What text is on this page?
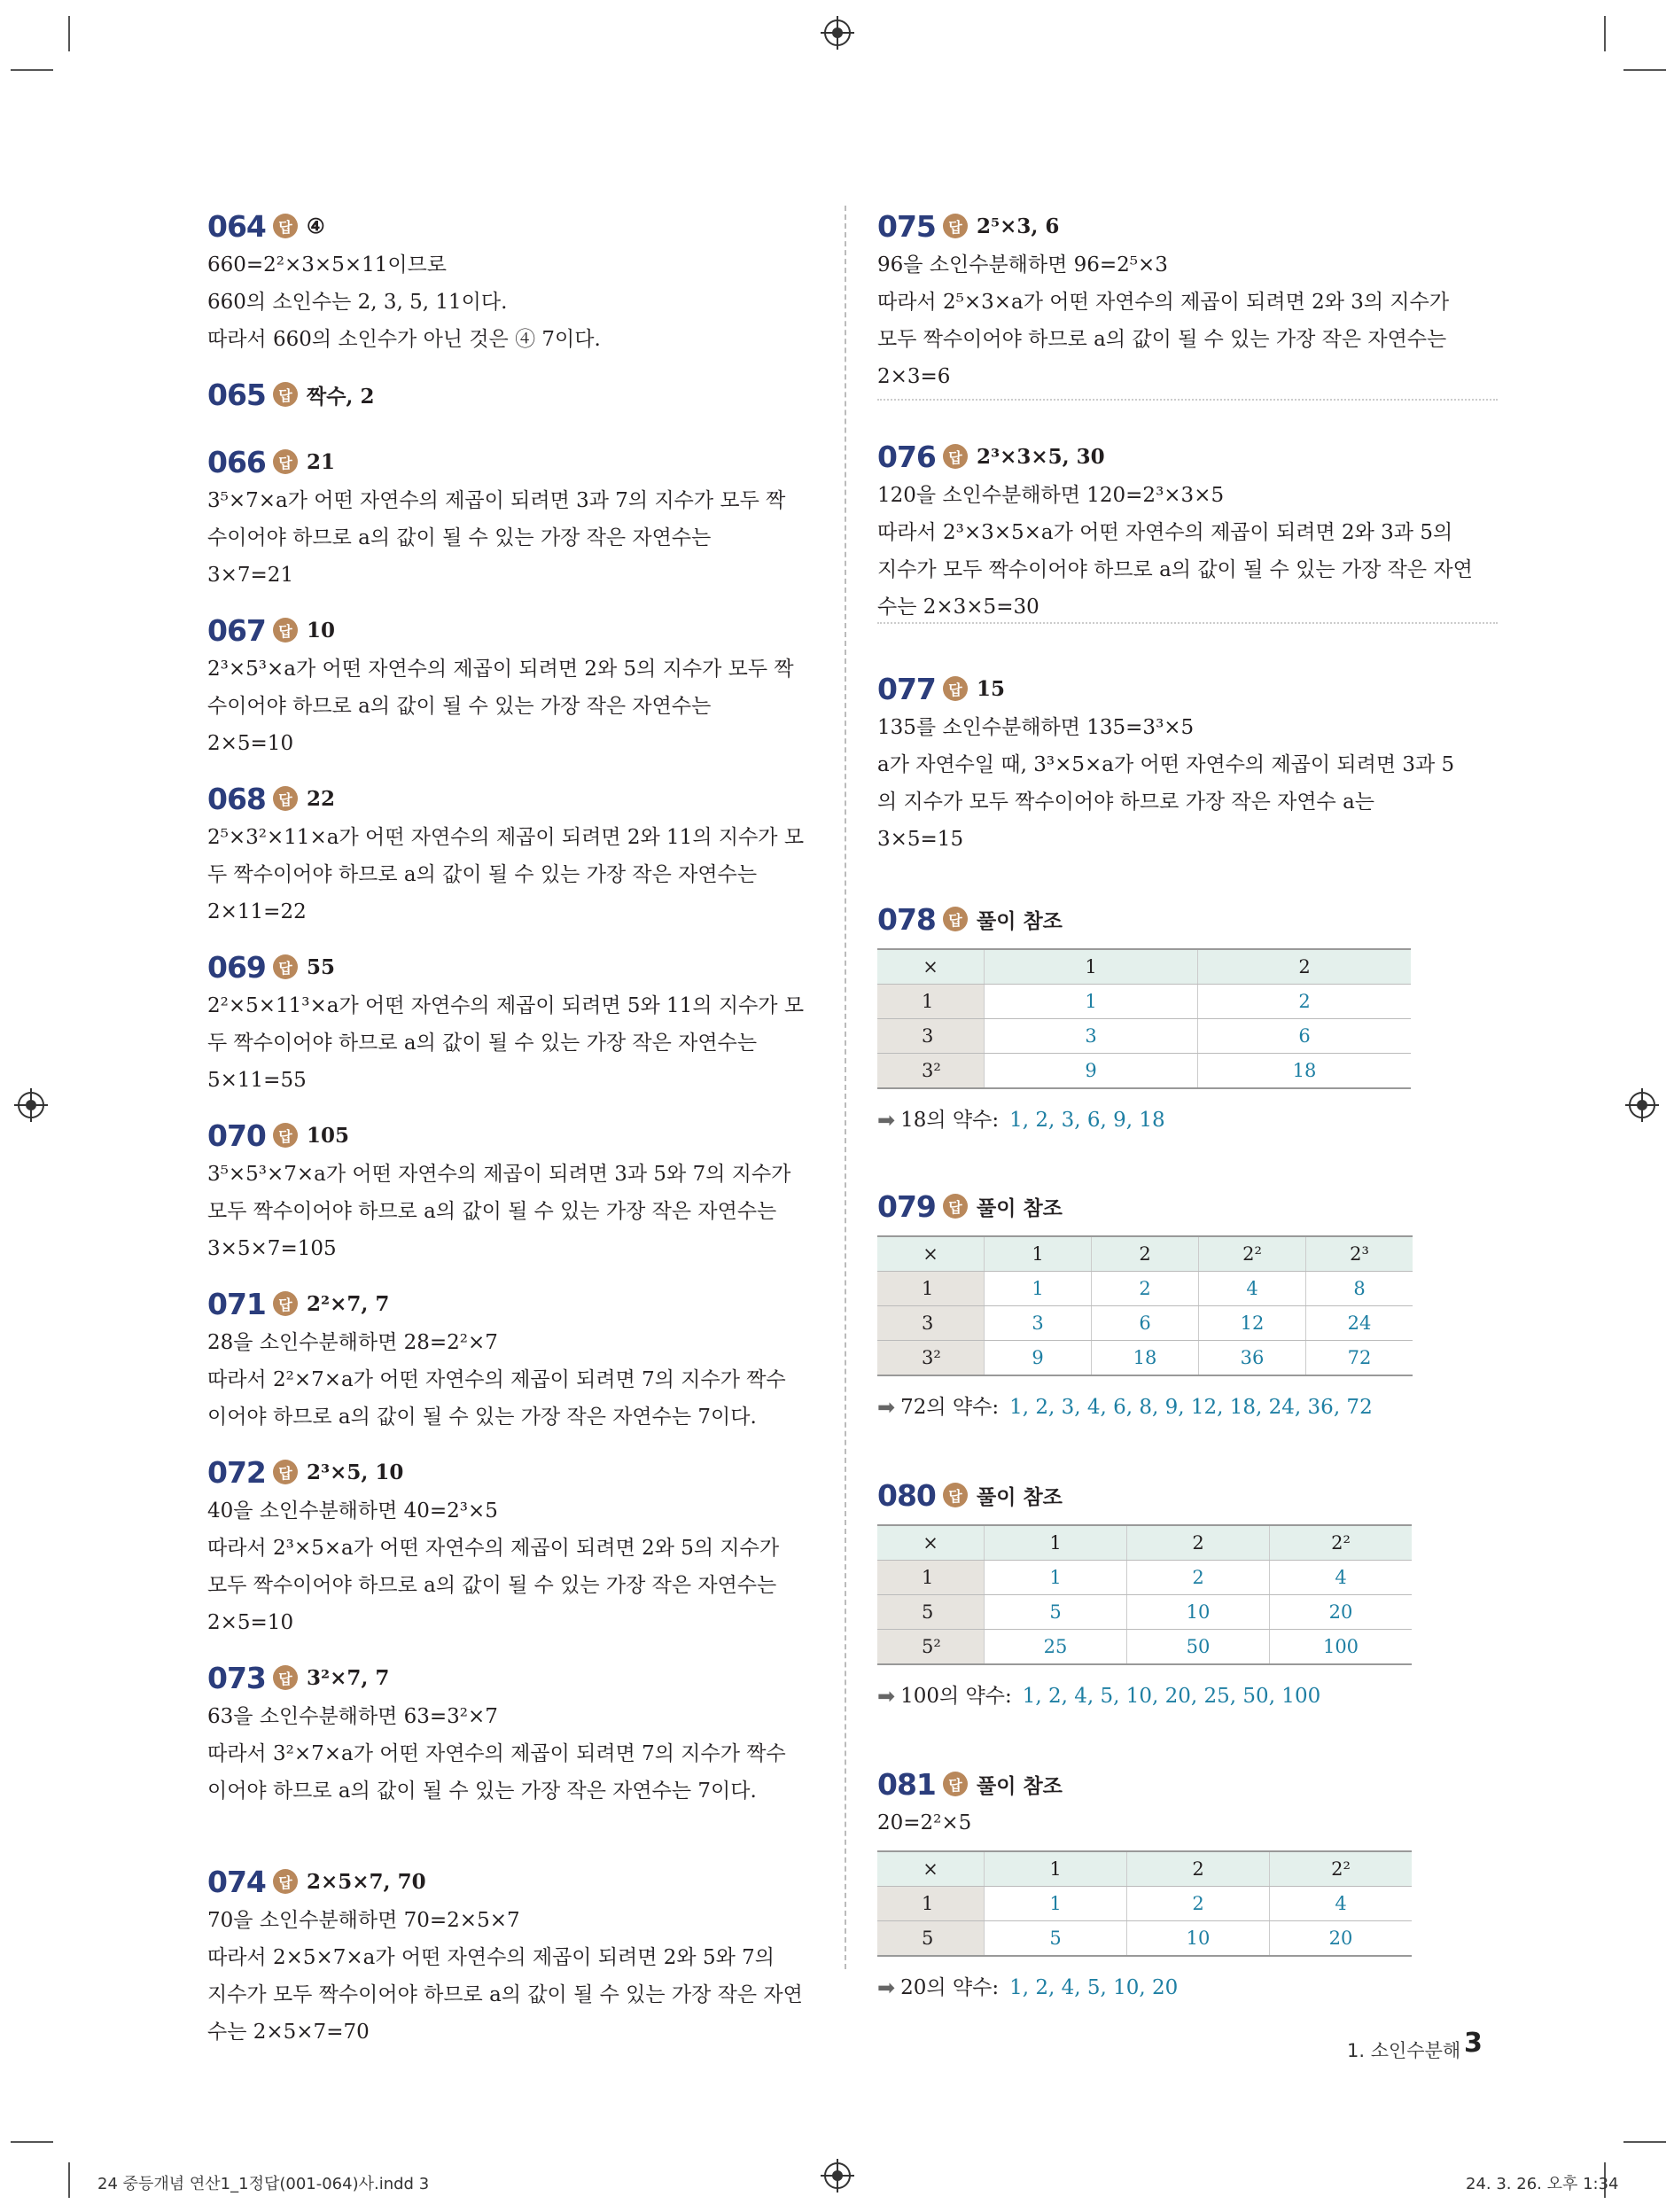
064 답 ④
660=2²×3×5×11이므로
660의 소인수는 2, 3, 5, 11이다.
따라서 660의 소인수가 아닌 것은 ④ 7이다.
065 답 짝수, 2
066 답 21
3⁵×7×a가 어떤 자연수의 제곱이 되려면 3과 7의 지수가 모두 짝
수이어야 하므로 a의 값이 될 수 있는 가장 작은 자연수는
3×7=21
067 답 10
2³×5³×a가 어떤 자연수의 제곱이 되려면 2와 5의 지수가 모두 짝
수이어야 하므로 a의 값이 될 수 있는 가장 작은 자연수는
2×5=10
068 답 22
2⁵×3²×11×a가 어떤 자연수의 제곱이 되려면 2와 11의 지수가 모
두 짝수이어야 하므로 a의 값이 될 수 있는 가장 작은 자연수는
2×11=22
069 답 55
2²×5×11³×a가 어떤 자연수의 제곱이 되려면 5와 11의 지수가 모
두 짝수이어야 하므로 a의 값이 될 수 있는 가장 작은 자연수는
5×11=55
070 답 105
3⁵×5³×7×a가 어떤 자연수의 제곱이 되려면 3과 5와 7의 지수가
모두 짝수이어야 하므로 a의 값이 될 수 있는 가장 작은 자연수는
3×5×7=105
071 답 2²×7, 7
28을 소인수분해하면 28=2²×7
따라서 2²×7×a가 어떤 자연수의 제곱이 되려면 7의 지수가 짝수
이어야 하므로 a의 값이 될 수 있는 가장 작은 자연수는 7이다.
072 답 2³×5, 10
40을 소인수분해하면 40=2³×5
따라서 2³×5×a가 어떤 자연수의 제곱이 되려면 2와 5의 지수가
모두 짝수이어야 하므로 a의 값이 될 수 있는 가장 작은 자연수는
2×5=10
073 답 3²×7, 7
63을 소인수분해하면 63=3²×7
따라서 3²×7×a가 어떤 자연수의 제곱이 되려면 7의 지수가 짝수
이어야 하므로 a의 값이 될 수 있는 가장 작은 자연수는 7이다.
074 답 2×5×7, 70
70을 소인수분해하면 70=2×5×7
따라서 2×5×7×a가 어떤 자연수의 제곱이 되려면 2와 5와 7의
지수가 모두 짝수이어야 하므로 a의 값이 될 수 있는 가장 작은 자연
수는 2×5×7=70
075 답 2⁵×3, 6
96을 소인수분해하면 96=2⁵×3
따라서 2⁵×3×a가 어떤 자연수의 제곱이 되려면 2와 3의 지수가
모두 짝수이어야 하므로 a의 값이 될 수 있는 가장 작은 자연수는
2×3=6
076 답 2³×3×5, 30
120을 소인수분해하면 120=2³×3×5
따라서 2³×3×5×a가 어떤 자연수의 제곱이 되려면 2와 3과 5의
지수가 모두 짝수이어야 하므로 a의 값이 될 수 있는 가장 작은 자연
수는 2×3×5=30
077 답 15
135를 소인수분해하면 135=3³×5
a가 자연수일 때, 3³×5×a가 어떤 자연수의 제곱이 되려면 3과 5
의 지수가 모두 짝수이어야 하므로 가장 작은 자연수 a는
3×5=15
078 답 풀이 참조
×	1	2
1	1	2
3	3	6
3²	9	18
➡ 18의 약수: 1, 2, 3, 6, 9, 18
079 답 풀이 참조
×	1	2	2²	2³
1	1	2	4	8
3	3	6	12	24
3²	9	18	36	72
➡ 72의 약수: 1, 2, 3, 4, 6, 8, 9, 12, 18, 24, 36, 72
080 답 풀이 참조
×	1	2	2²
1	1	2	4
5	5	10	20
5²	25	50	100
➡ 100의 약수: 1, 2, 4, 5, 10, 20, 25, 50, 100
081 답 풀이 참조
20=2²×5
×	1	2	2²
1	1	2	4
5	5	10	20
➡ 20의 약수: 1, 2, 4, 5, 10, 20
1. 소인수분해 3
24 중등개념 연산1_1정답(001-064)사.indd 3	24. 3. 26. 오후 1:34
